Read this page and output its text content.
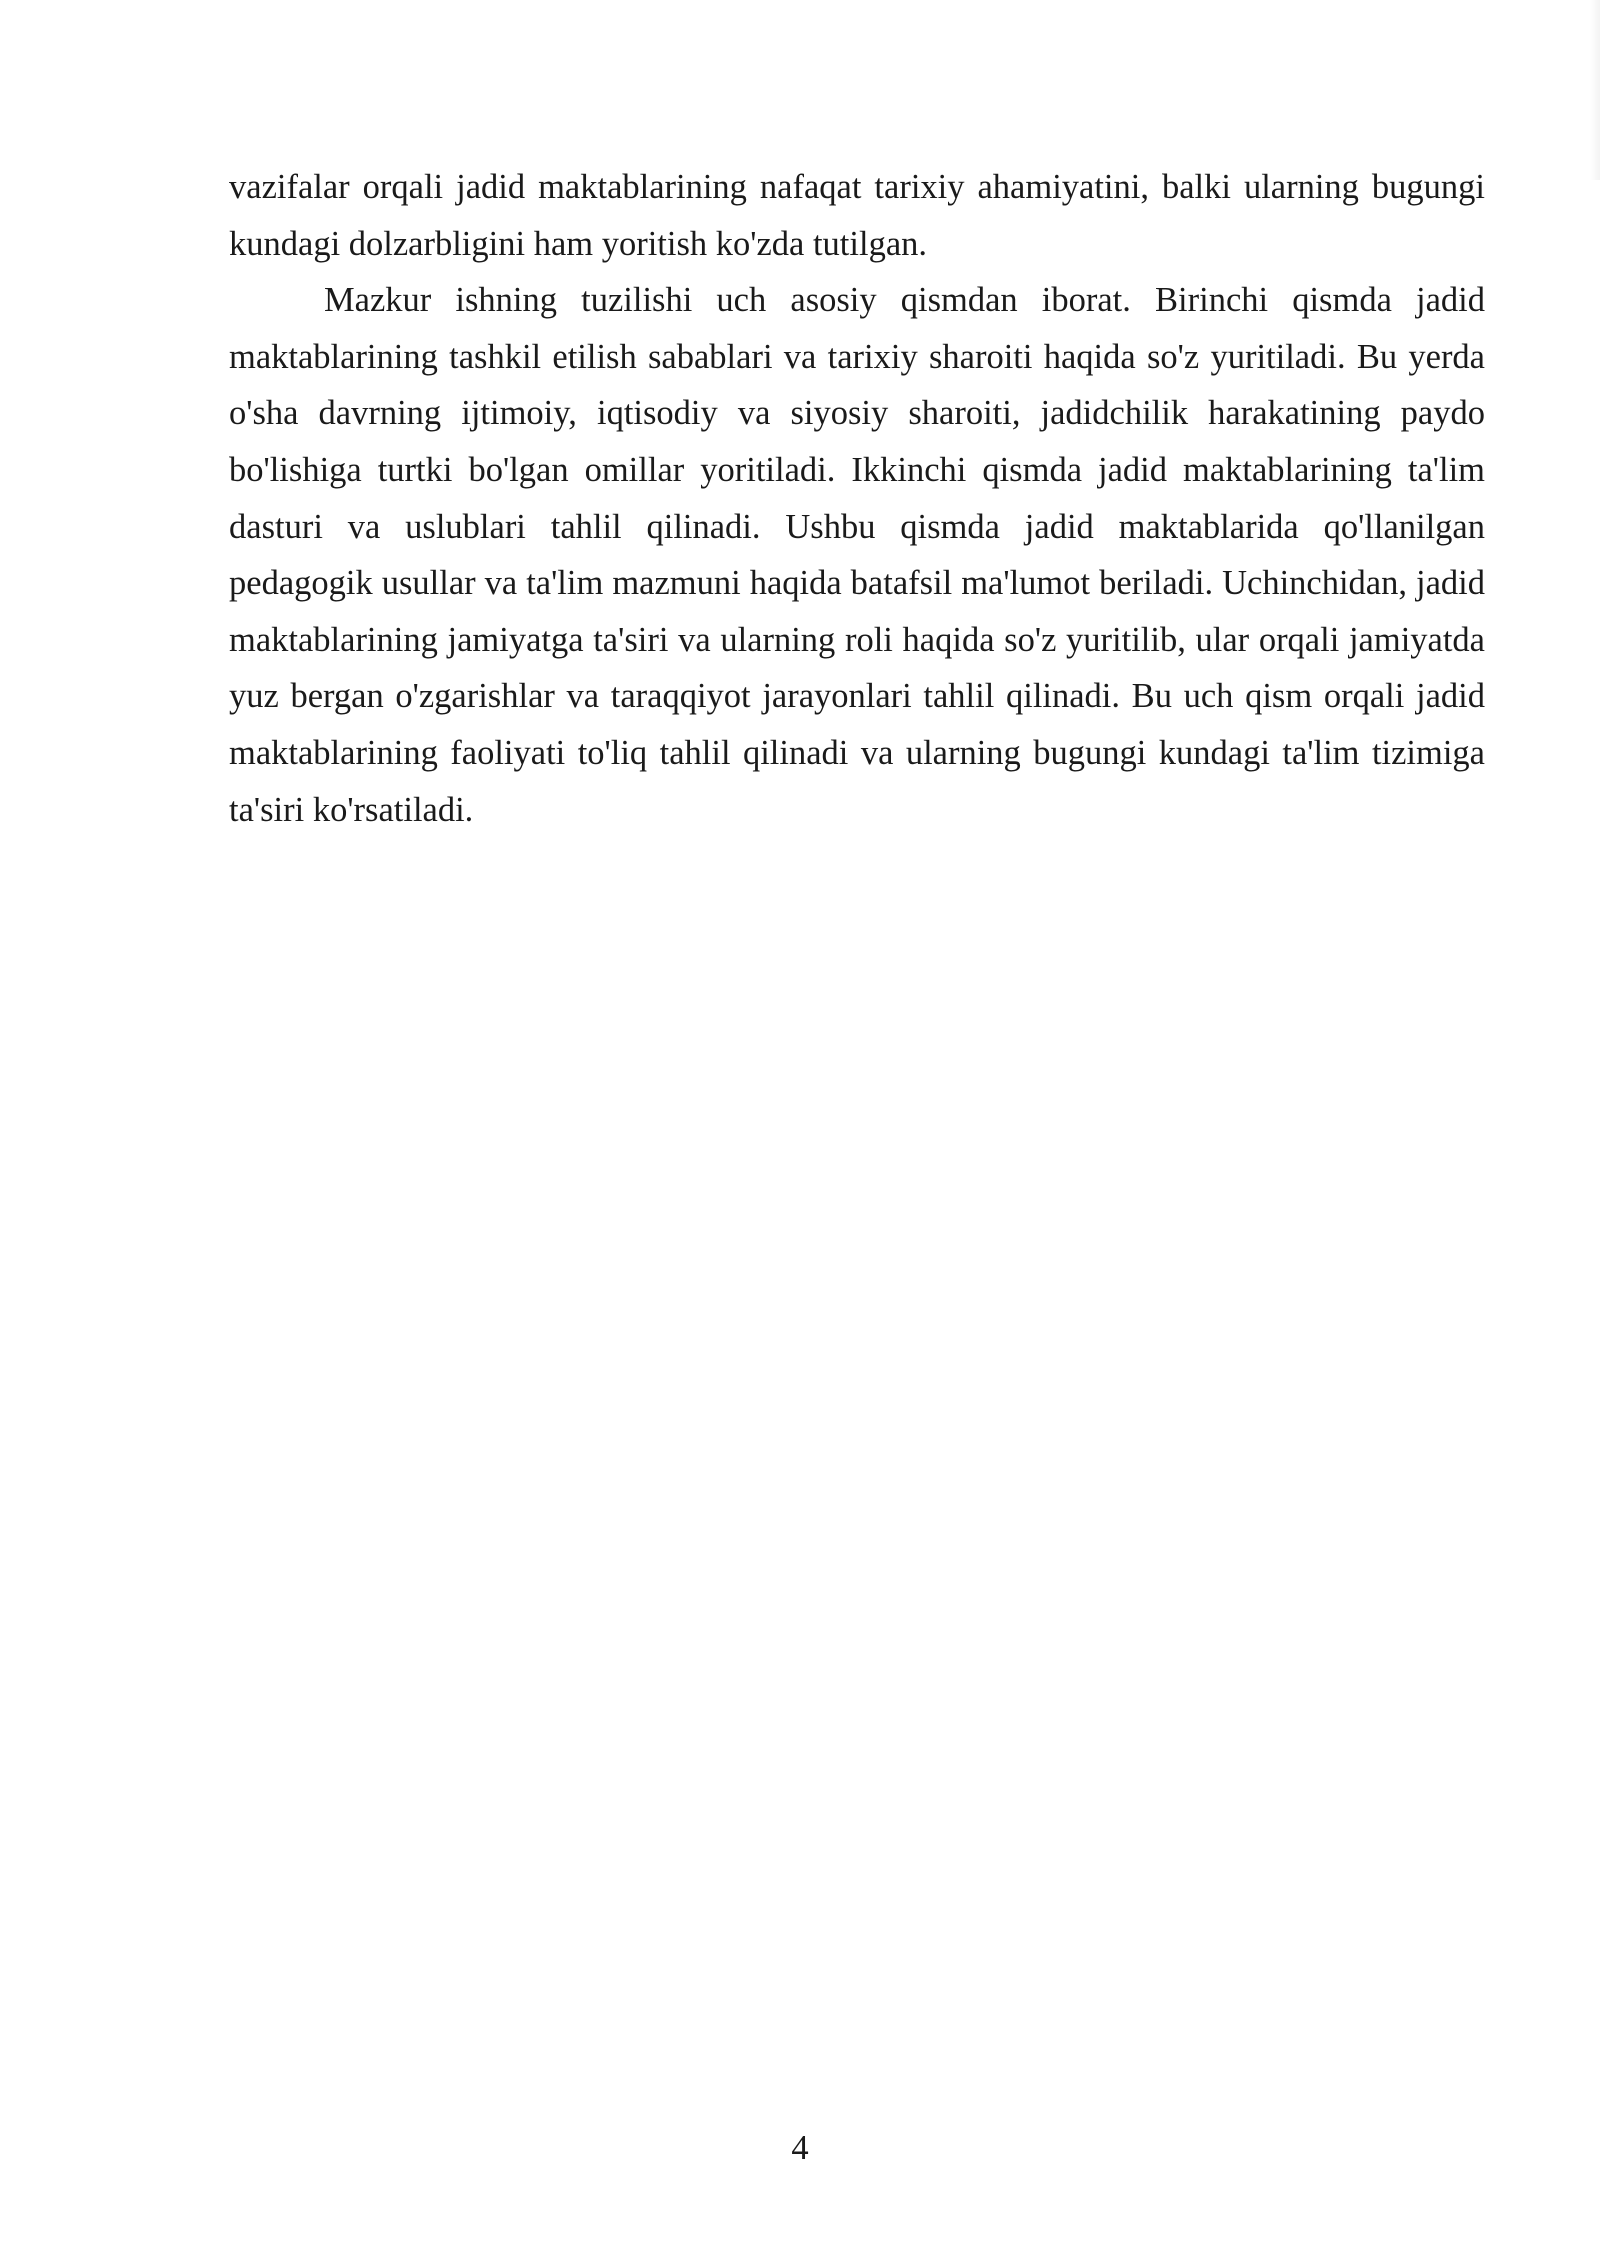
vazifalar orqali jadid maktablarining nafaqat tarixiy ahamiyatini, balki ularning bugungi kundagi dolzarbligini ham yoritish ko'zda tutilgan.

Mazkur ishning tuzilishi uch asosiy qismdan iborat. Birinchi qismda jadid maktablarining tashkil etilish sabablari va tarixiy sharoiti haqida so'z yuritiladi. Bu yerda o'sha davrning ijtimoiy, iqtisodiy va siyosiy sharoiti, jadidchilik harakatining paydo bo'lishiga turtki bo'lgan omillar yoritiladi. Ikkinchi qismda jadid maktablarining ta'lim dasturi va uslublari tahlil qilinadi. Ushbu qismda jadid maktablarida qo'llanilgan pedagogik usullar va ta'lim mazmuni haqida batafsil ma'lumot beriladi. Uchinchidan, jadid maktablarining jamiyatga ta'siri va ularning roli haqida so'z yuritilib, ular orqali jamiyatda yuz bergan o'zgarishlar va taraqqiyot jarayonlari tahlil qilinadi. Bu uch qism orqali jadid maktablarining faoliyati to'liq tahlil qilinadi va ularning bugungi kundagi ta'lim tizimiga ta'siri ko'rsatiladi.

4
